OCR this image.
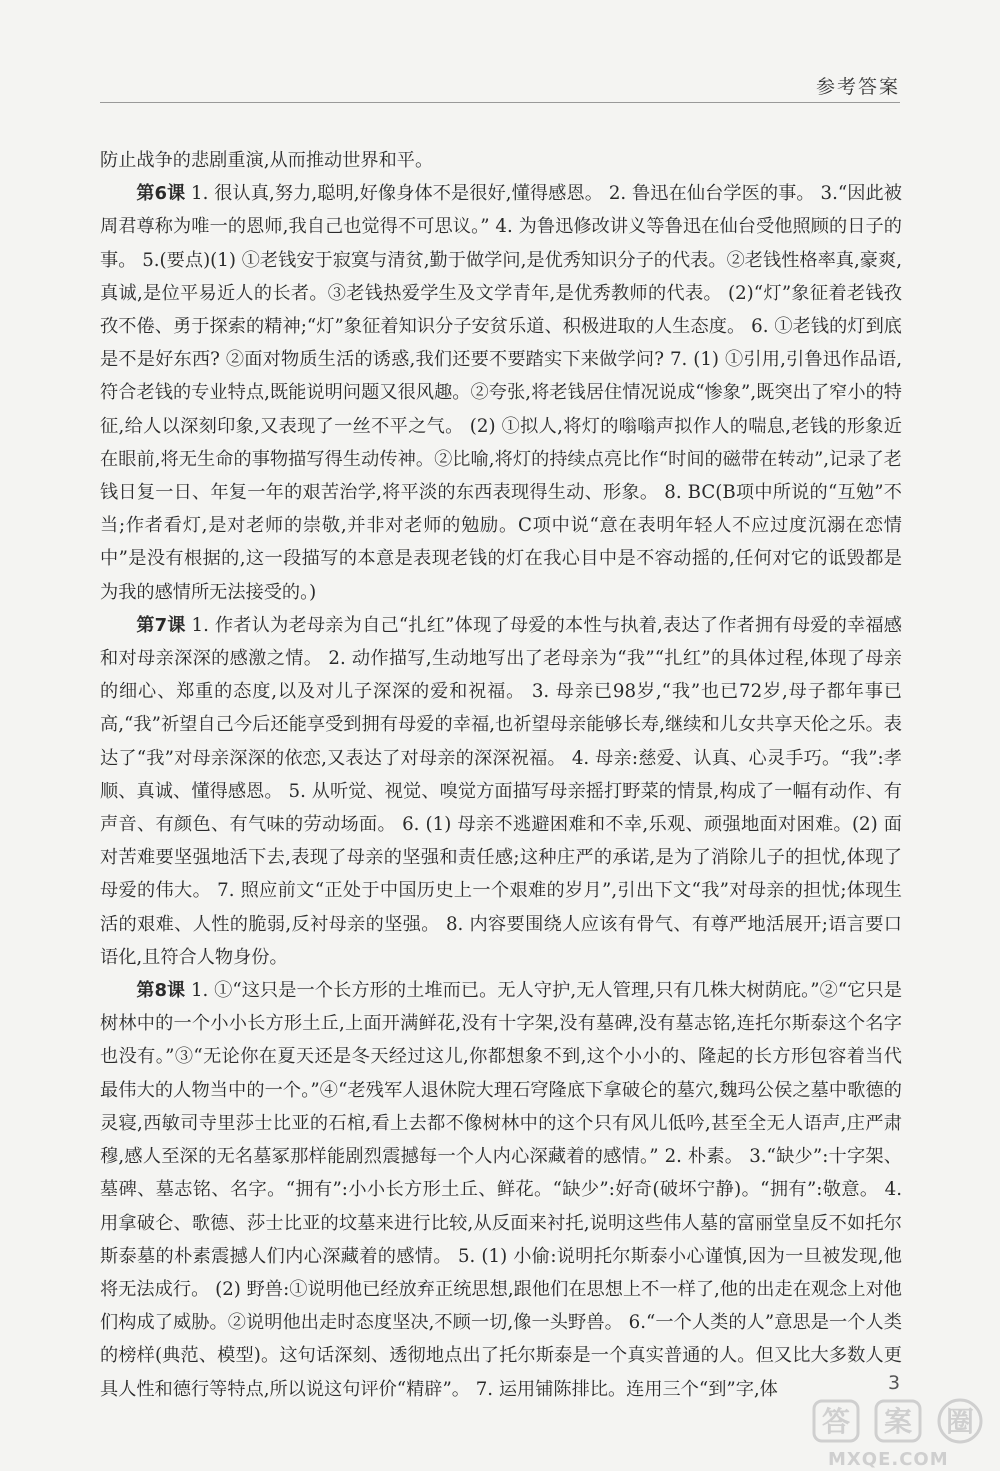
参考答案

防止战争的悲剧重演,从而推动世界和平。

第6课 1. 很认真,努力,聪明,好像身体不是很好,懂得感恩。 2. 鲁迅在仙台学医的事。 3.“因此被周君尊称为唯一的恩师,我自己也觉得不可思议。” 4. 为鲁迅修改讲义等鲁迅在仙台受他照顾的日子的事。 5.(要点)(1) ①老钱安于寂寞与清贫,勤于做学问,是优秀知识分子的代表。②老钱性格率真,豪爽,真诚,是位平易近人的长者。③老钱热爱学生及文学青年,是优秀教师的代表。 (2)“灯”象征着老钱孜孜不倦、勇于探索的精神;“灯”象征着知识分子安贫乐道、积极进取的人生态度。 6. ①老钱的灯到底是不是好东西? ②面对物质生活的诱惑,我们还要不要踏实下来做学问? 7. (1) ①引用,引鲁迅作品语,符合老钱的专业特点,既能说明问题又很风趣。②夸张,将老钱居住情况说成“惨象”,既突出了窄小的特征,给人以深刻印象,又表现了一丝不平之气。 (2) ①拟人,将灯的嗡嗡声拟作人的喘息,老钱的形象近在眼前,将无生命的事物描写得生动传神。②比喻,将灯的持续点亮比作“时间的磁带在转动”,记录了老钱日复一日、年复一年的艰苦治学,将平淡的东西表现得生动、形象。 8. BC(B项中所说的“互勉”不当;作者看灯,是对老师的崇敬,并非对老师的勉励。C项中说“意在表明年轻人不应过度沉溺在恋情中”是没有根据的,这一段描写的本意是表现老钱的灯在我心目中是不容动摇的,任何对它的诋毁都是为我的感情所无法接受的。)

第7课 1. 作者认为老母亲为自己“扎红”体现了母爱的本性与执着,表达了作者拥有母爱的幸福感和对母亲深深的感激之情。 2. 动作描写,生动地写出了老母亲为“我”“扎红”的具体过程,体现了母亲的细心、郑重的态度,以及对儿子深深的爱和祝福。 3. 母亲已98岁,“我”也已72岁,母子都年事已高,“我”祈望自己今后还能享受到拥有母爱的幸福,也祈望母亲能够长寿,继续和儿女共享天伦之乐。表达了“我”对母亲深深的依恋,又表达了对母亲的深深祝福。 4. 母亲:慈爱、认真、心灵手巧。“我”:孝顺、真诚、懂得感恩。 5. 从听觉、视觉、嗅觉方面描写母亲摇打野菜的情景,构成了一幅有动作、有声音、有颜色、有气味的劳动场面。 6. (1) 母亲不逃避困难和不幸,乐观、顽强地面对困难。(2) 面对苦难要坚强地活下去,表现了母亲的坚强和责任感;这种庄严的承诺,是为了消除儿子的担忧,体现了母爱的伟大。 7. 照应前文“正处于中国历史上一个艰难的岁月”,引出下文“我”对母亲的担忧;体现生活的艰难、人性的脆弱,反衬母亲的坚强。 8. 内容要围绕人应该有骨气、有尊严地活展开;语言要口语化,且符合人物身份。

第8课 1. ①“这只是一个长方形的土堆而已。无人守护,无人管理,只有几株大树荫庇。”②“它只是树林中的一个小小长方形土丘,上面开满鲜花,没有十字架,没有墓碑,没有墓志铭,连托尔斯泰这个名字也没有。”③“无论你在夏天还是冬天经过这儿,你都想象不到,这个小小的、隆起的长方形包容着当代最伟大的人物当中的一个。”④“老残军人退休院大理石穹隆底下拿破仑的墓穴,魏玛公侯之墓中歌德的灵寝,西敏司寺里莎士比亚的石棺,看上去都不像树林中的这个只有风儿低吟,甚至全无人语声,庄严肃穆,感人至深的无名墓冢那样能剧烈震撼每一个人内心深藏着的感情。” 2. 朴素。 3.“缺少”:十字架、墓碑、墓志铭、名字。“拥有”:小小长方形土丘、鲜花。“缺少”:好奇(破坏宁静)。“拥有”:敬意。 4. 用拿破仑、歌德、莎士比亚的坟墓来进行比较,从反面来衬托,说明这些伟人墓的富丽堂皇反不如托尔斯泰墓的朴素震撼人们内心深藏着的感情。 5. (1) 小偷:说明托尔斯泰小心谨慎,因为一旦被发现,他将无法成行。 (2) 野兽:①说明他已经放弃正统思想,跟他们在思想上不一样了,他的出走在观念上对他们构成了威胁。②说明他出走时态度坚决,不顾一切,像一头野兽。 6.“一个人类的人”意思是一个人类的榜样(典范、模型)。这句话深刻、透彻地点出了托尔斯泰是一个真实普通的人。但又比大多数人更具人性和德行等特点,所以说这句评价“精辟”。 7. 运用铺陈排比。连用三个“到”字,体	3
答 案 圈
MXQE.COM
